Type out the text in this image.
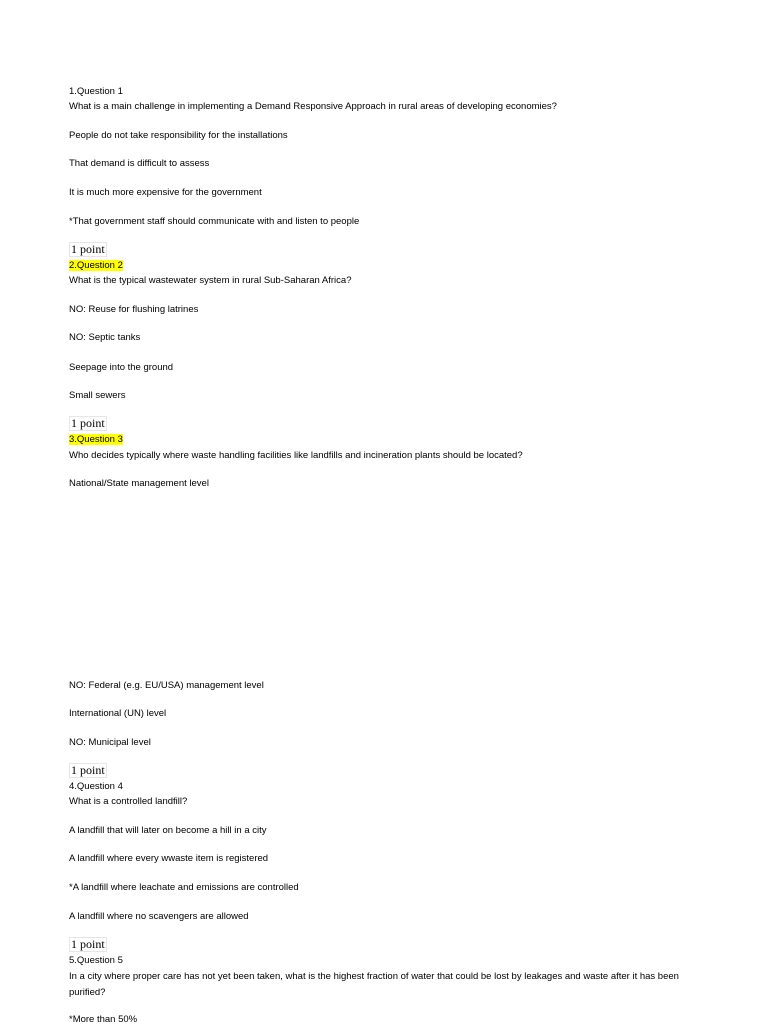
1.Question 1
What is a main challenge in implementing a Demand Responsive Approach in rural areas of developing economies?
People do not take responsibility for the installations
That demand is difficult to assess
It is much more expensive for the government
*That government staff should communicate with and listen to people
1 point
2.Question 2
What is the typical wastewater system in rural Sub-Saharan Africa?
NO: Reuse for flushing latrines
NO: Septic tanks
Seepage into the ground
Small sewers
1 point
3.Question 3
Who decides typically where waste handling facilities like landfills and incineration plants should be located?
National/State management level
NO: Federal (e.g. EU/USA) management level
International (UN) level
NO: Municipal level
1 point
4.Question 4
What is a controlled landfill?
A landfill that will later on become a hill in a city
A landfill where every wwaste item is registered
*A landfill where leachate and emissions are controlled
A landfill where no scavengers are allowed
1 point
5.Question 5
In a city where proper care has not yet been taken, what is the highest fraction of water that could be lost by leakages and waste after it has been purified?
*More than 50%
